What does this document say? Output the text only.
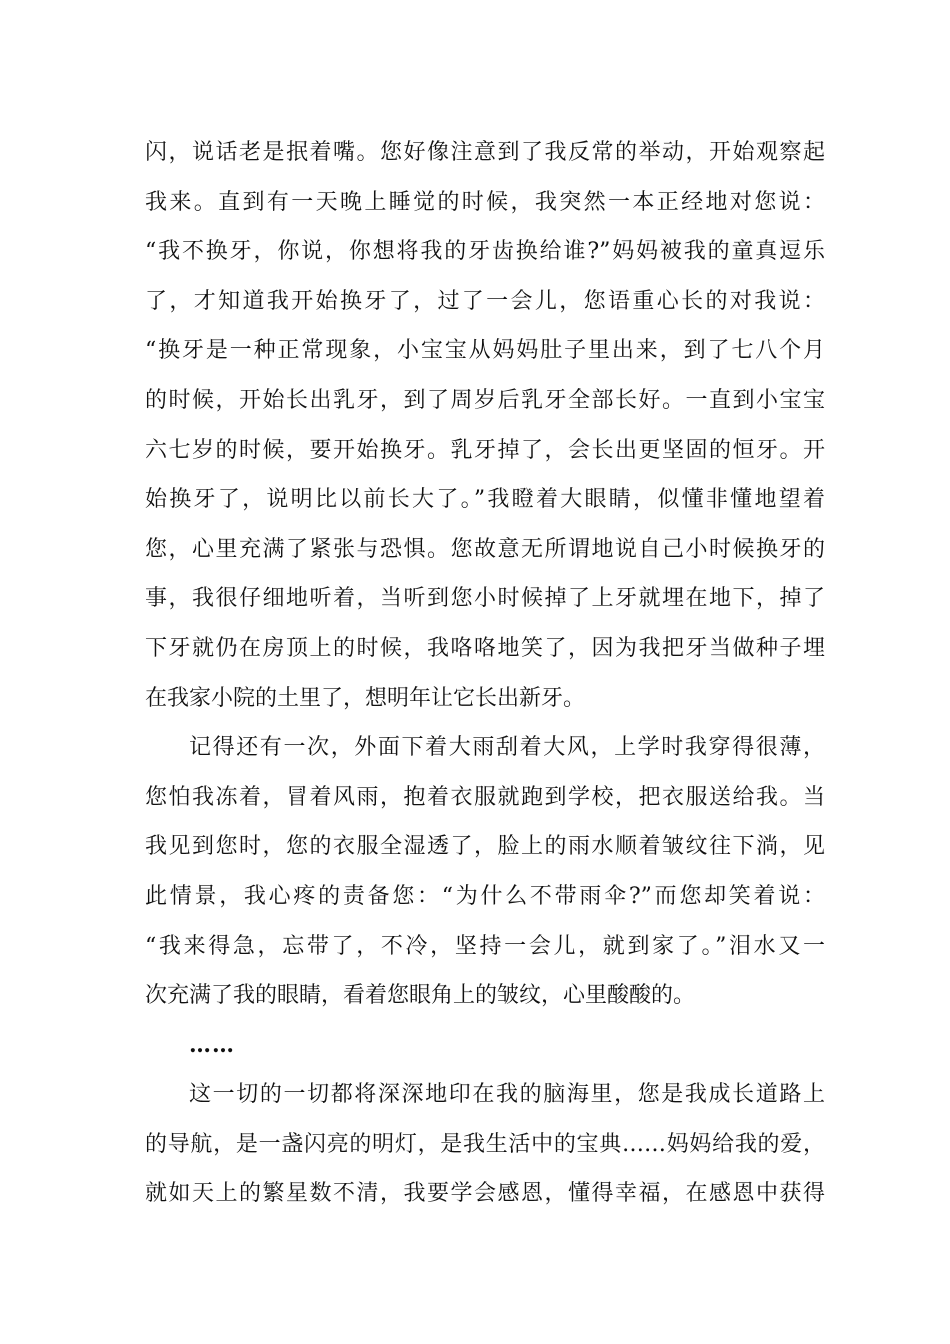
闪，说话老是抿着嘴。您好像注意到了我反常的举动，开始观察起
我来。直到有一天晚上睡觉的时候，我突然一本正经地对您说：
“我不换牙，你说，你想将我的牙齿换给谁?”妈妈被我的童真逗乐
了，才知道我开始换牙了，过了一会儿，您语重心长的对我说：
“换牙是一种正常现象，小宝宝从妈妈肚子里出来，到了七八个月
的时候，开始长出乳牙，到了周岁后乳牙全部长好。一直到小宝宝
六七岁的时候，要开始换牙。乳牙掉了，会长出更坚固的恒牙。开
始换牙了，说明比以前长大了。”我瞪着大眼睛，似懂非懂地望着
您，心里充满了紧张与恐惧。您故意无所谓地说自己小时候换牙的
事，我很仔细地听着，当听到您小时候掉了上牙就埋在地下，掉了
下牙就仍在房顶上的时候，我咯咯地笑了，因为我把牙当做种子埋
在我家小院的土里了，想明年让它长出新牙。
记得还有一次，外面下着大雨刮着大风，上学时我穿得很薄，
您怕我冻着，冒着风雨，抱着衣服就跑到学校，把衣服送给我。当
我见到您时，您的衣服全湿透了，脸上的雨水顺着皱纹往下淌，见
此情景，我心疼的责备您：“为什么不带雨伞?”而您却笑着说：
“我来得急，忘带了，不冷，坚持一会儿，就到家了。”泪水又一
次充满了我的眼睛，看着您眼角上的皱纹，心里酸酸的。
……
这一切的一切都将深深地印在我的脑海里，您是我成长道路上
的导航，是一盏闪亮的明灯，是我生活中的宝典……妈妈给我的爱，
就如天上的繁星数不清，我要学会感恩，懂得幸福，在感恩中获得
